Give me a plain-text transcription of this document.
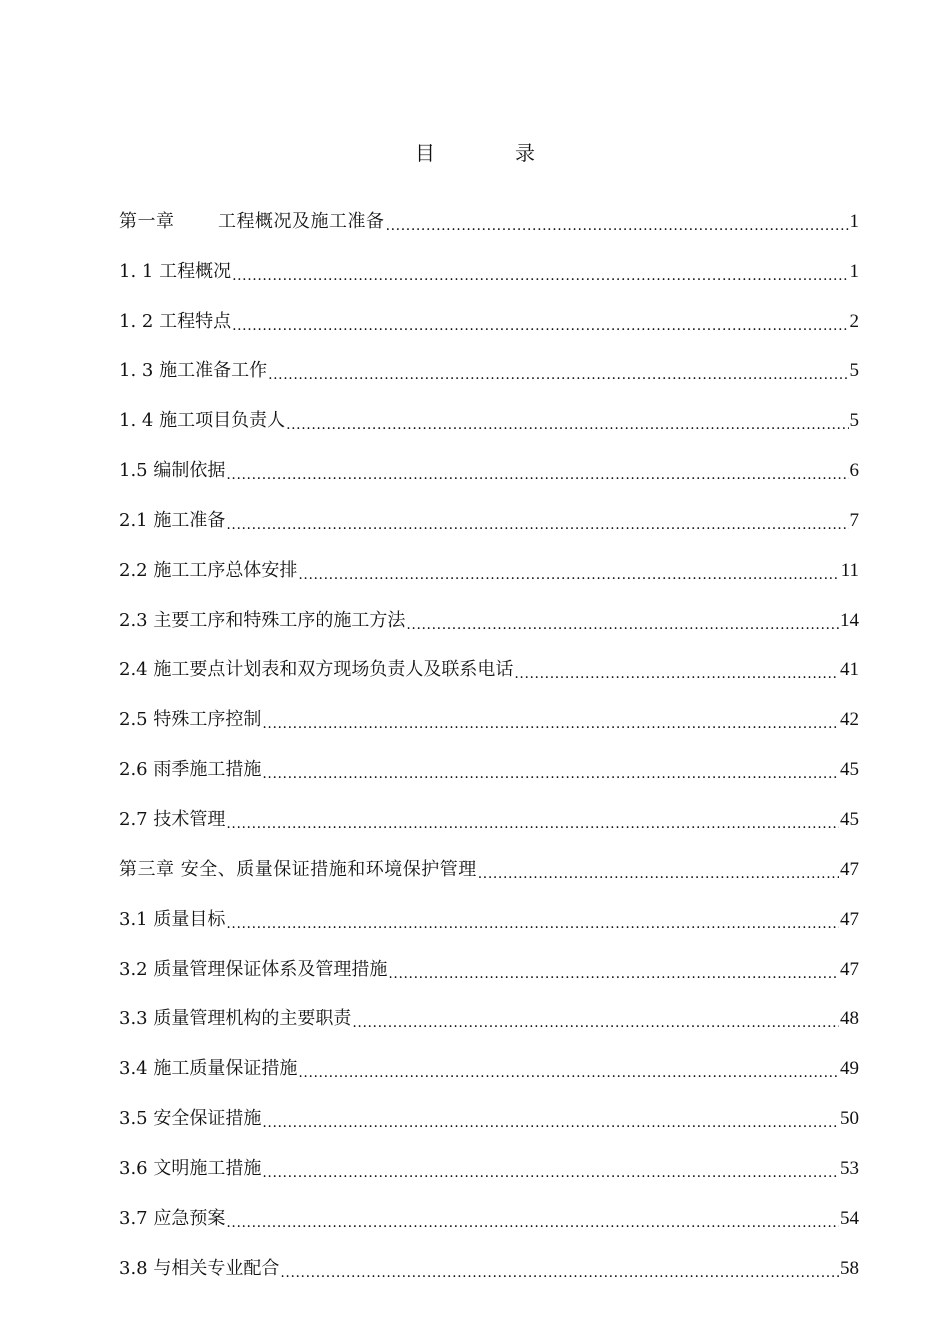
目	录
第一章       工程概况及施工准备 .....	1
1. 1 工程概况 .....	1
1. 2 工程特点 .....	2
1. 3 施工准备工作 .....	5
1. 4 施工项目负责人 .....	5
1.5 编制依据 .....	6
2.1 施工准备 .....	7
2.2 施工工序总体安排 .....	11
2.3 主要工序和特殊工序的施工方法 .....	14
2.4 施工要点计划表和双方现场负责人及联系电话 .....	41
2.5 特殊工序控制 .....	42
2.6 雨季施工措施 .....	45
2.7 技术管理 .....	45
第三章 安全、质量保证措施和环境保护管理 .....	47
3.1 质量目标 .....	47
3.2 质量管理保证体系及管理措施 .....	47
3.3 质量管理机构的主要职责 .....	48
3.4 施工质量保证措施 .....	49
3.5 安全保证措施 .....	50
3.6 文明施工措施 .....	53
3.7 应急预案 .....	54
3.8 与相关专业配合 .....	58
